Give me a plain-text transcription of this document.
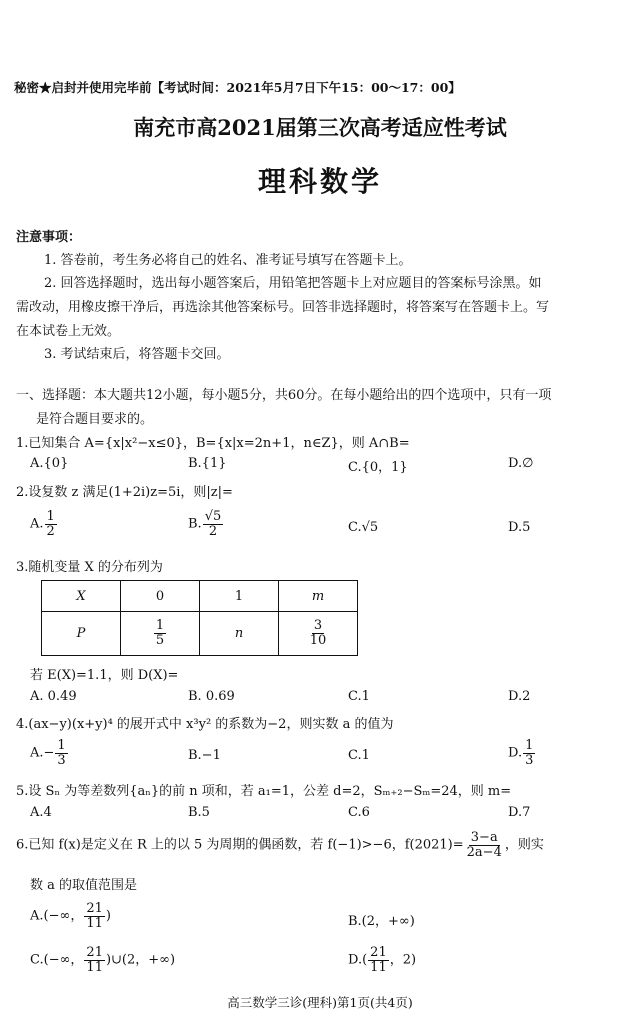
秘密★启封并使用完毕前【考试时间：2021年5月7日下午15：00～17：00】
南充市高2021届第三次高考适应性考试
理科数学
注意事项：
1. 答卷前，考生务必将自己的姓名、准考证号填写在答题卡上。
2. 回答选择题时，选出每小题答案后，用铅笔把答题卡上对应题目的答案标号涂黑。如
需改动，用橡皮擦干净后，再选涂其他答案标号。回答非选择题时，将答案写在答题卡上。写
在本试卷上无效。
3. 考试结束后，将答题卡交回。
一、选择题：本大题共12小题，每小题5分，共60分。在每小题给出的四个选项中，只有一项
是符合题目要求的。
1.已知集合 A={x|x²−x≤0}，B={x|x=2n+1，n∈Z}，则 A∩B=
A.{0}	B.{1}	C.{0，1}	D.∅
2.设复数 z 满足(1+2i)z=5i，则|z|=
A. $\frac{1}{2}$	B. $\frac{√5}{2}$	C.√5	D.5
3.随机变量 X 的分布列为
X	0	1	m
P	$\frac{1}{5}$	n	$\frac{3}{10}$
若 E(X)=1.1，则 D(X)=
A. 0.49	B. 0.69	C.1	D.2
4.(ax−y)(x+y)⁴ 的展开式中 x³y² 的系数为−2，则实数 a 的值为
$A.- \frac{1}{3}$	B.−1	C.1	D. $\frac{1}{3}$
5.设 Sₙ 为等差数列{aₙ}的前 n 项和，若 a₁=1，公差 d=2，Sₘ₊₂−Sₘ=24，则 m=
A.4	B.5	C.6	D.7
6.已知 f(x)是定义在 R 上的以 5 为周期的偶函数，若 f(−1)>−6，$f(2021)= \frac{3-a}{2a-4}$ ，则实
数 a 的取值范围是
A.(−∞， $\frac{21}{11}$ )	B.(2，+∞)
C.(−∞， $\frac{21}{11}$ )∪(2，+∞)	$D.( \frac{21}{11}$ ，2)
高三数学三诊(理科)第1页(共4页)
